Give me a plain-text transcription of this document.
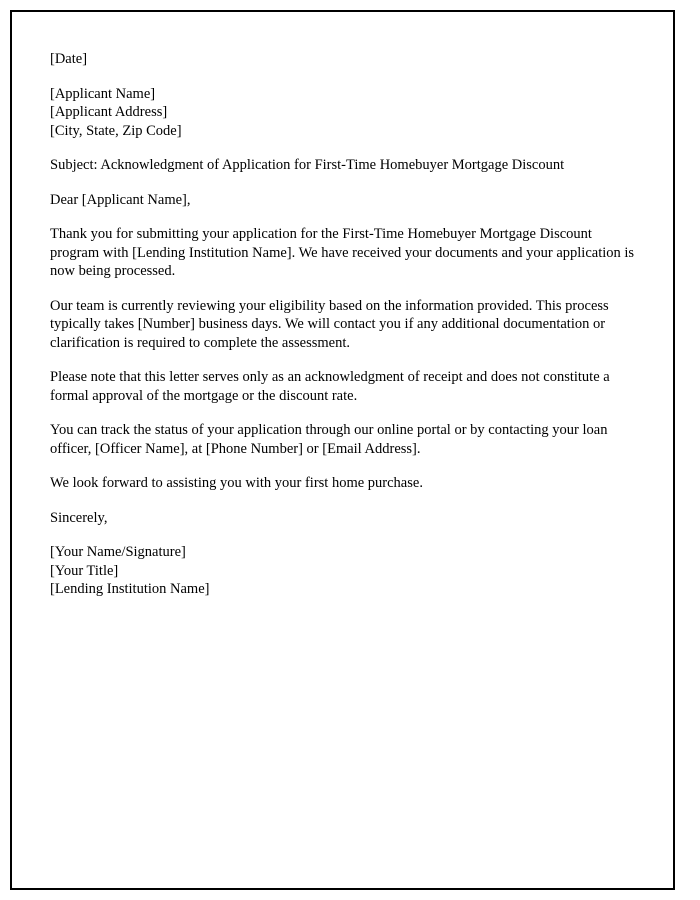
[Date]

[Applicant Name]

[Applicant Address]

[City, State, Zip Code]

Subject: Acknowledgment of Application for First-Time Homebuyer Mortgage Discount

Dear [Applicant Name],

Thank you for submitting your application for the First-Time Homebuyer Mortgage Discount program with [Lending Institution Name]. We have received your documents and your application is now being processed.

Our team is currently reviewing your eligibility based on the information provided. This process typically takes [Number] business days. We will contact you if any additional documentation or clarification is required to complete the assessment.

Please note that this letter serves only as an acknowledgment of receipt and does not constitute a formal approval of the mortgage or the discount rate.

You can track the status of your application through our online portal or by contacting your loan officer, [Officer Name], at [Phone Number] or [Email Address].

We look forward to assisting you with your first home purchase.

Sincerely,

[Your Name/Signature]

[Your Title]

[Lending Institution Name]
